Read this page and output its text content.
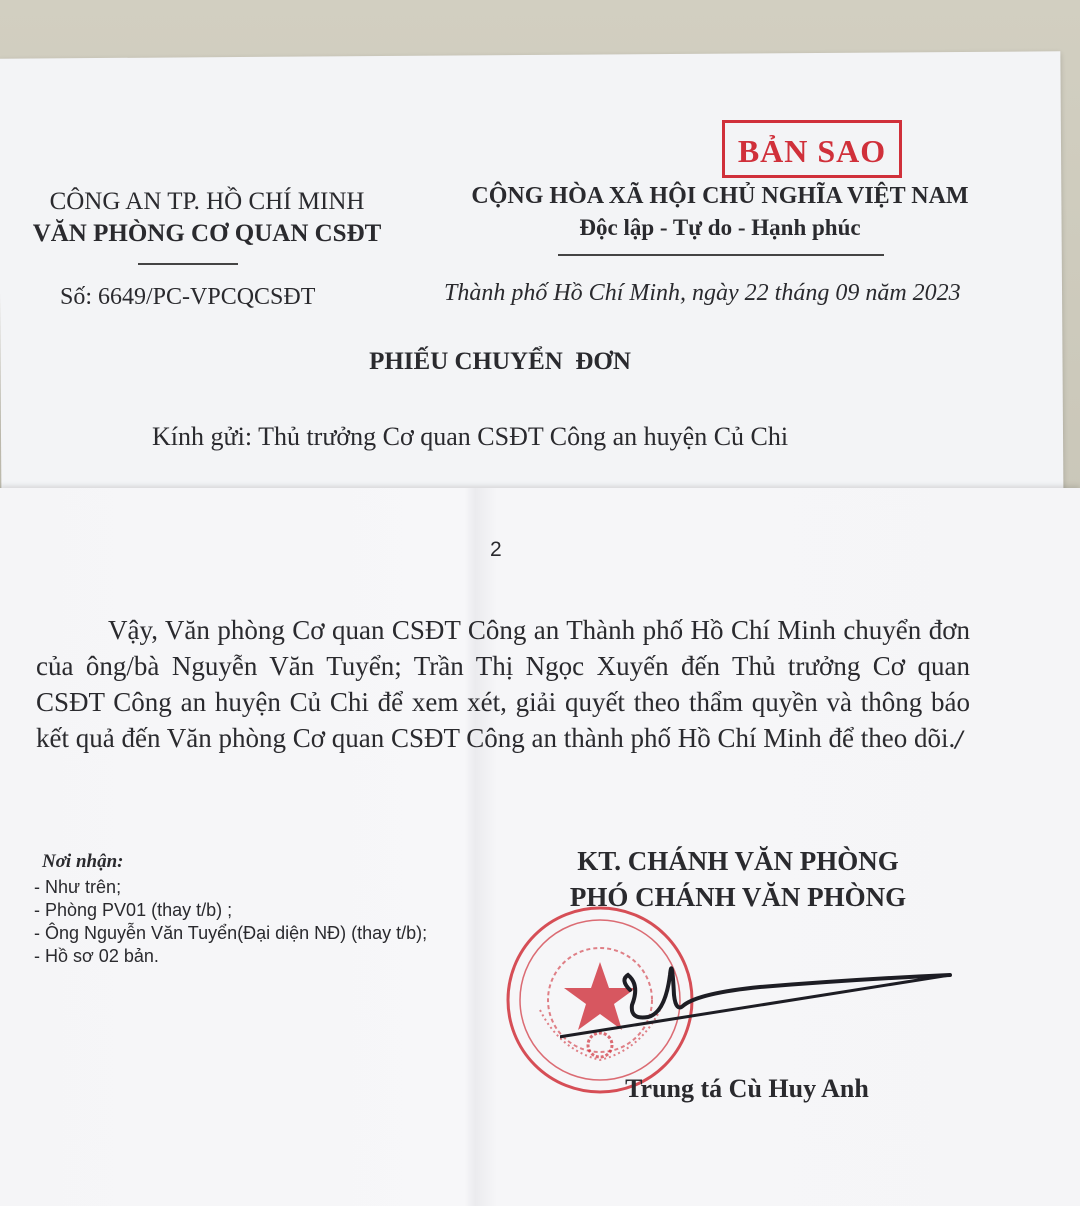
CÔNG AN TP. HỒ CHÍ MINH
VĂN PHÒNG CƠ QUAN CSĐT
BẢN SAO
CỘNG HÒA XÃ HỘI CHỦ NGHĨA VIỆT NAM
Độc lập - Tự do - Hạnh phúc
Số: 6649/PC-VPCQCSĐT	Thành phố Hồ Chí Minh, ngày 22 tháng 09 năm 2023
PHIẾU CHUYỂN  ĐƠN
Kính gửi: Thủ trưởng Cơ quan CSĐT Công an huyện Củ Chi
2
Vậy, Văn phòng Cơ quan CSĐT Công an Thành phố Hồ Chí Minh chuyển đơn của ông/bà Nguyễn Văn Tuyển; Trần Thị Ngọc Xuyến đến Thủ trưởng Cơ quan CSĐT Công an huyện Củ Chi để xem xét, giải quyết theo thẩm quyền và thông báo kết quả đến Văn phòng Cơ quan CSĐT Công an thành phố Hồ Chí Minh để theo dõi./
Nơi nhận:
- Như trên;
- Phòng PV01 (thay t/b) ;
- Ông Nguyễn Văn Tuyển(Đại diện NĐ) (thay t/b);
- Hồ sơ 02 bản.
KT. CHÁNH VĂN PHÒNG
PHÓ CHÁNH VĂN PHÒNG
Trung tá Cù Huy Anh
